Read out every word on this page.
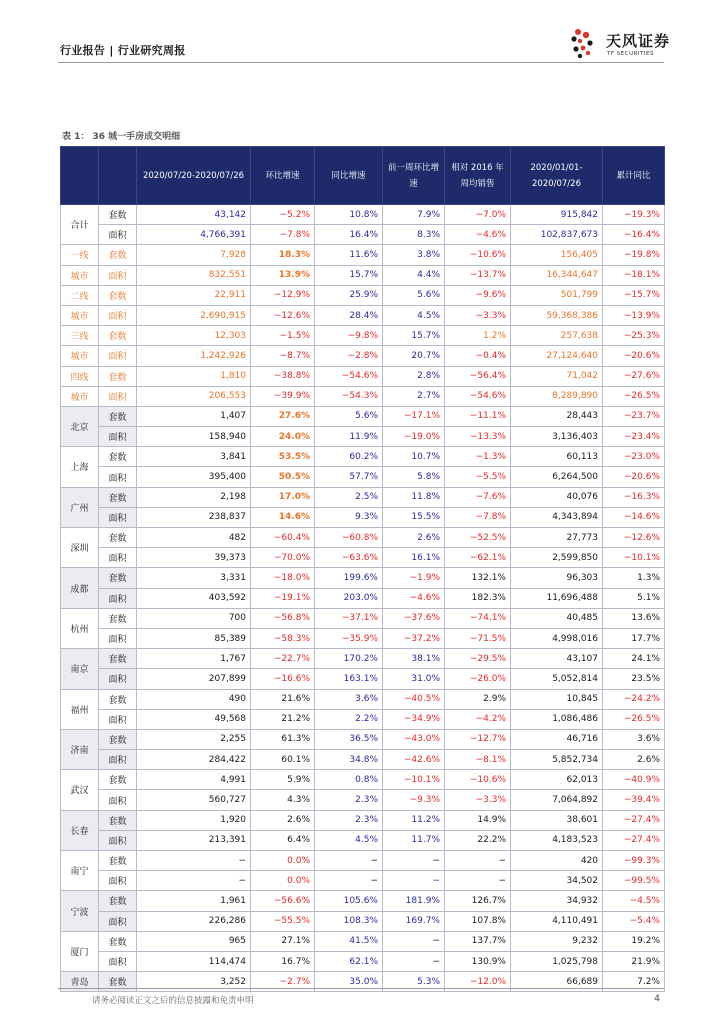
行业报告 | 行业研究周报
天风证券
TF SECURITIES
表 1： 36 城一手房成交明细
		2020/07/20-2020/07/26	环比增速	同比增速	前一周环比增速	相对 2016 年周均销售	2020/01/01-2020/07/26	累计同比
合计	套数	43,142	−5.2%	10.8%	7.9%	−7.0%	915,842	−19.3%
	面积	4,766,391	−7.8%	16.4%	8.3%	−4.6%	102,837,673	−16.4%
一线	套数	7,928	18.3%	11.6%	3.8%	−10.6%	156,405	−19.8%
城市	面积	832,551	13.9%	15.7%	4.4%	−13.7%	16,344,647	−18.1%
二线	套数	22,911	−12.9%	25.9%	5.6%	−9.6%	501,799	−15.7%
城市	面积	2,690,915	−12.6%	28.4%	4.5%	−3.3%	59,368,386	−13.9%
三线	套数	12,303	−1.5%	−9.8%	15.7%	1.2%	257,638	−25.3%
城市	面积	1,242,926	−8.7%	−2.8%	20.7%	−0.4%	27,124,640	−20.6%
四线	套数	1,810	−38.8%	−54.6%	2.8%	−56.4%	71,042	−27.6%
城市	面积	206,553	−39.9%	−54.3%	2.7%	−54.6%	8,289,890	−26.5%
北京	套数	1,407	27.6%	5.6%	−17.1%	−11.1%	28,443	−23.7%
	面积	158,940	24.0%	11.9%	−19.0%	−13.3%	3,136,403	−23.4%
上海	套数	3,841	53.5%	60.2%	10.7%	−1.3%	60,113	−23.0%
	面积	395,400	50.5%	57.7%	5.8%	−5.5%	6,264,500	−20.6%
广州	套数	2,198	17.0%	2.5%	11.8%	−7.6%	40,076	−16.3%
	面积	238,837	14.6%	9.3%	15.5%	−7.8%	4,343,894	−14.6%
深圳	套数	482	−60.4%	−60.8%	2.6%	−52.5%	27,773	−12.6%
	面积	39,373	−70.0%	−63.6%	16.1%	−62.1%	2,599,850	−10.1%
成都	套数	3,331	−18.0%	199.6%	−1.9%	132.1%	96,303	1.3%
	面积	403,592	−19.1%	203.0%	−4.6%	182.3%	11,696,488	5.1%
杭州	套数	700	−56.8%	−37.1%	−37.6%	−74.1%	40,485	13.6%
	面积	85,389	−58.3%	−35.9%	−37.2%	−71.5%	4,998,016	17.7%
南京	套数	1,767	−22.7%	170.2%	38.1%	−29.5%	43,107	24.1%
	面积	207,899	−16.6%	163.1%	31.0%	−26.0%	5,052,814	23.5%
福州	套数	490	21.6%	3.6%	−40.5%	2.9%	10,845	−24.2%
	面积	49,568	21.2%	2.2%	−34.9%	−4.2%	1,086,486	−26.5%
济南	套数	2,255	61.3%	36.5%	−43.0%	−12.7%	46,716	3.6%
	面积	284,422	60.1%	34.8%	−42.6%	−8.1%	5,852,734	2.6%
武汉	套数	4,991	5.9%	0.8%	−10.1%	−10.6%	62,013	−40.9%
	面积	560,727	4.3%	2.3%	−9.3%	−3.3%	7,064,892	−39.4%
长春	套数	1,920	2.6%	2.3%	11.2%	14.9%	38,601	−27.4%
	面积	213,391	6.4%	4.5%	11.7%	22.2%	4,183,523	−27.4%
南宁	套数	−	0.0%	−	−	−	420	−99.3%
	面积	−	0.0%	−	−	−	34,502	−99.5%
宁波	套数	1,961	−56.6%	105.6%	181.9%	126.7%	34,932	−4.5%
	面积	226,286	−55.5%	108.3%	169.7%	107.8%	4,110,491	−5.4%
厦门	套数	965	27.1%	41.5%	−	137.7%	9,232	19.2%
	面积	114,474	16.7%	62.1%	−	130.9%	1,025,798	21.9%
青岛	套数	3,252	−2.7%	35.0%	5.3%	−12.0%	66,689	7.2%
请务必阅读正文之后的信息披露和免责申明	4
